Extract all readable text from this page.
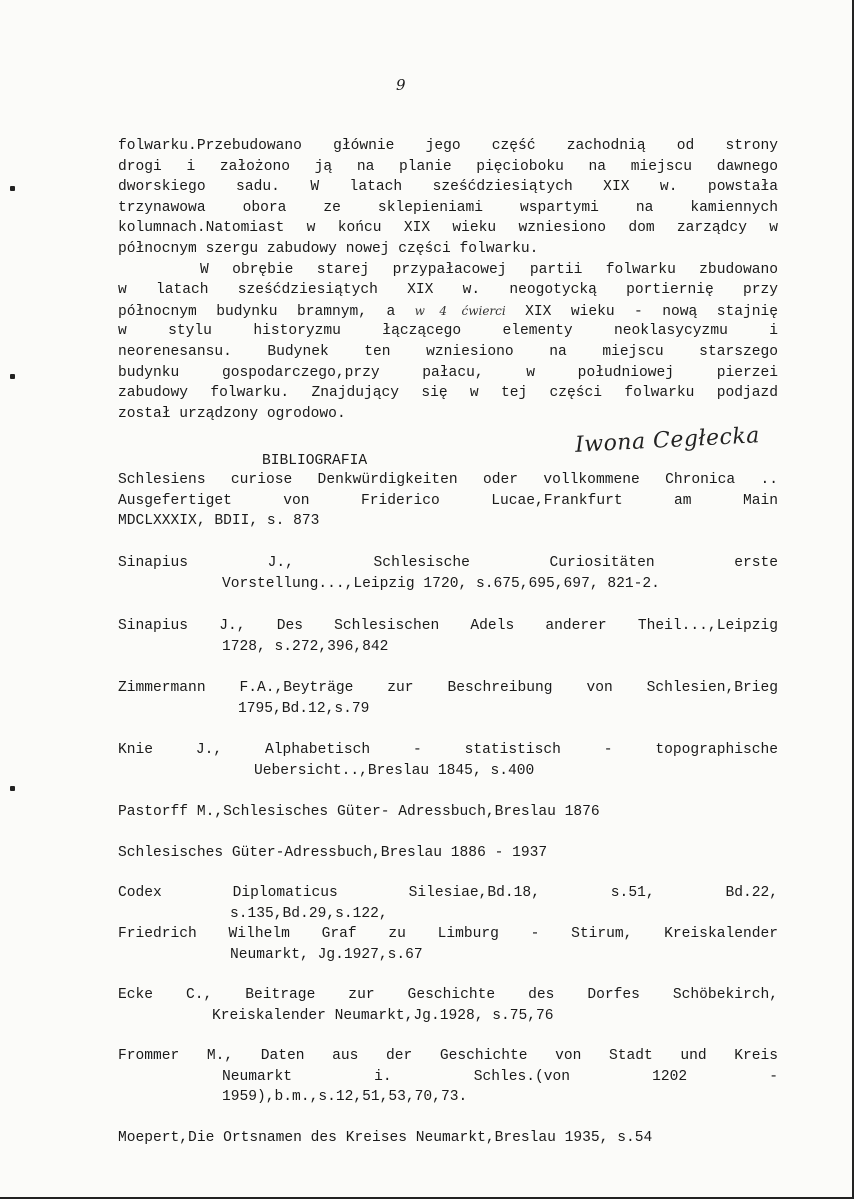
9
folwarku.Przebudowano głównie jego część zachodnią od strony
drogi i założono ją na planie pięcioboku na miejscu dawnego
dworskiego sadu. W latach sześćdziesiątych XIX w. powstała
trzynawowa obora ze sklepieniami wspartymi na kamiennych
kolumnach.Natomiast w końcu XIX wieku wzniesiono dom zarządcy w
północnym szergu zabudowy nowej części folwarku.
W obrębie starej przypałacowej partii folwarku zbudowano
w latach sześćdziesiątych XIX w. neogotycką portiernię przy
północnym budynku bramnym, a w 4 ćwierci XIX wieku - nową stajnię
w stylu historyzmu łączącego elementy neoklasycyzmu i
neorenesansu. Budynek ten wzniesiono na miejscu starszego
budynku gospodarczego,przy pałacu, w południowej pierzei
zabudowy folwarku. Znajdujący się w tej części folwarku podjazd
został urządzony ogrodowo.
Iwona Cegłecka
BIBLIOGRAFIA
Schlesiens curiose Denkwürdigkeiten oder vollkommene Chronica ..
Ausgefertiget von Friderico Lucae,Frankfurt am Main
MDCLXXXIX, BDII, s. 873
Sinapius J., Schlesische Curiositäten erste
Vorstellung...,Leipzig 1720, s.675,695,697, 821-2.
Sinapius J., Des Schlesischen Adels anderer Theil...,Leipzig
1728, s.272,396,842
Zimmermann F.A.,Beyträge zur Beschreibung von Schlesien,Brieg
1795,Bd.12,s.79
Knie J., Alphabetisch - statistisch - topographische
Uebersicht..,Breslau 1845, s.400
Pastorff M.,Schlesisches Güter- Adressbuch,Breslau 1876
Schlesisches Güter-Adressbuch,Breslau 1886 - 1937
Codex Diplomaticus Silesiae,Bd.18, s.51, Bd.22,
s.135,Bd.29,s.122,
Friedrich Wilhelm Graf zu Limburg - Stirum, Kreiskalender
Neumarkt, Jg.1927,s.67
Ecke C., Beitrage zur Geschichte des Dorfes Schöbekirch,
Kreiskalender Neumarkt,Jg.1928, s.75,76
Frommer M., Daten aus der Geschichte von Stadt und Kreis
Neumarkt i. Schles.(von 1202 -
1959),b.m.,s.12,51,53,70,73.
Moepert,Die Ortsnamen des Kreises Neumarkt,Breslau 1935, s.54
